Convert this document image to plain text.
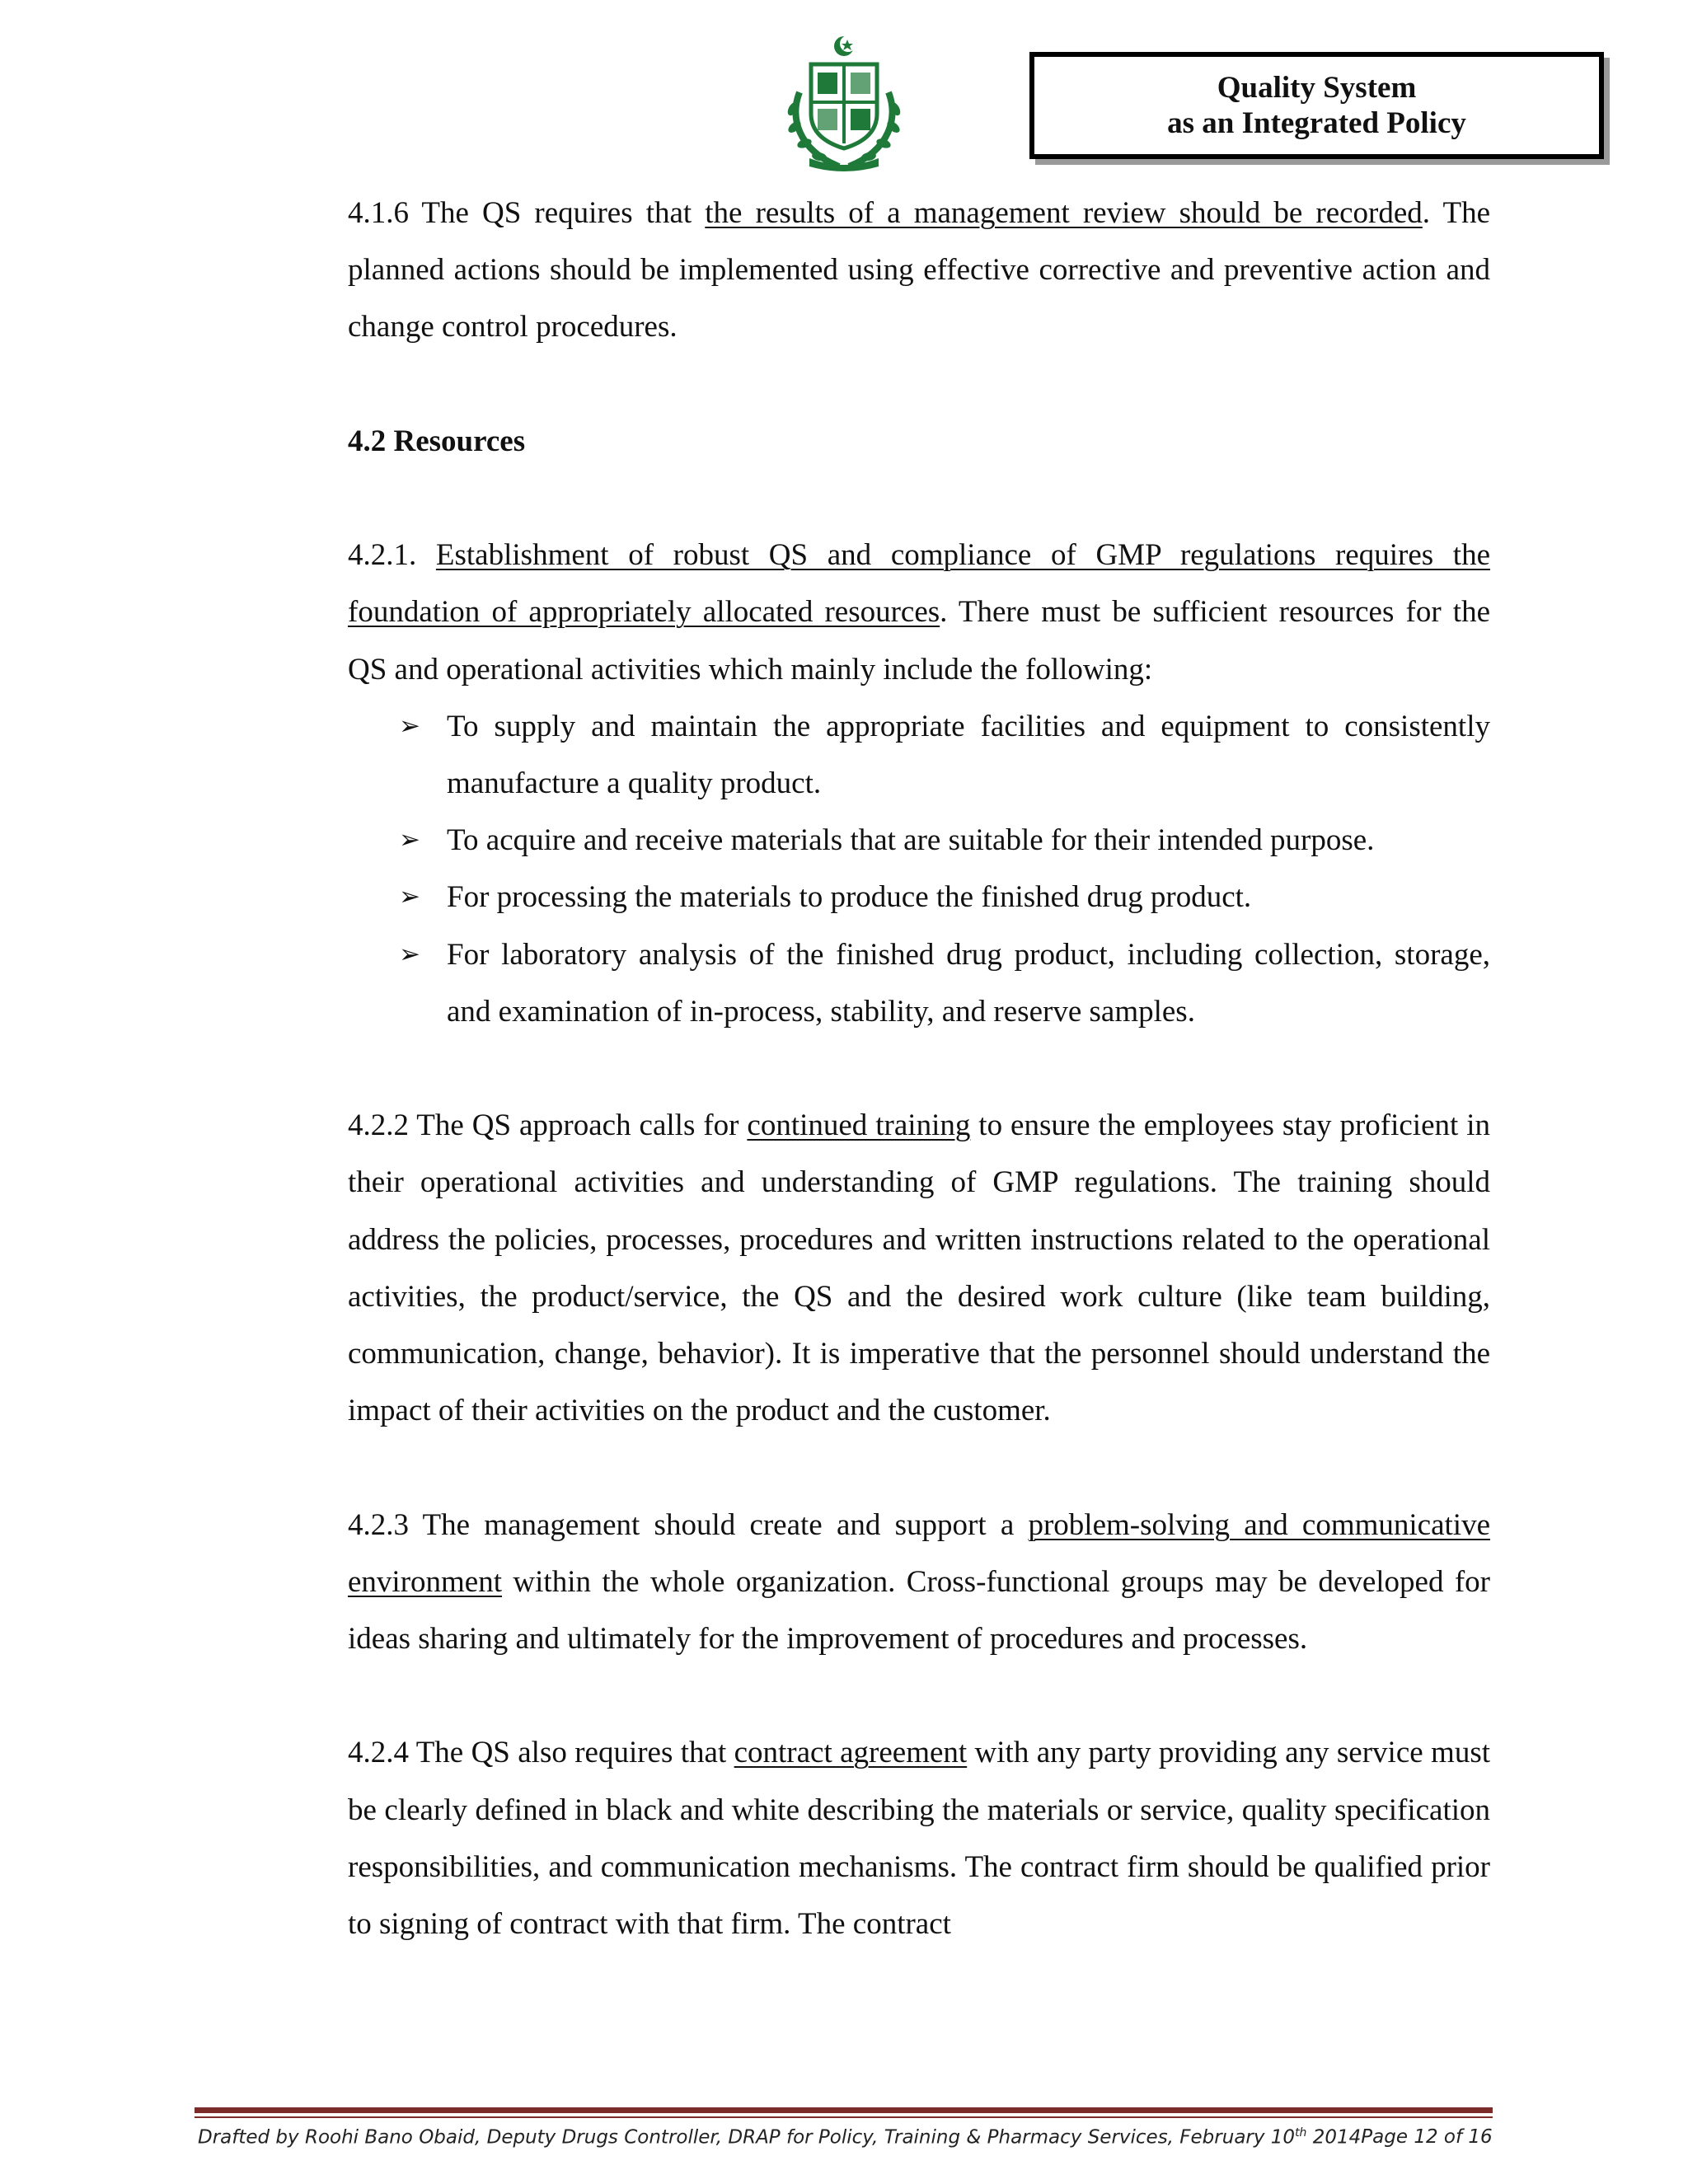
Quality System
as an Integrated Policy

4.1.6 The QS requires that the results of a management review should be recorded. The planned actions should be implemented using effective corrective and preventive action and change control procedures.

4.2 Resources

4.2.1. Establishment of robust QS and compliance of GMP regulations requires the foundation of appropriately allocated resources. There must be sufficient resources for the QS and operational activities which mainly include the following:

➢ To supply and maintain the appropriate facilities and equipment to consistently manufacture a quality product.
➢ To acquire and receive materials that are suitable for their intended purpose.
➢ For processing the materials to produce the finished drug product.
➢ For laboratory analysis of the finished drug product, including collection, storage, and examination of in-process, stability, and reserve samples.

4.2.2 The QS approach calls for continued training to ensure the employees stay proficient in their operational activities and understanding of GMP regulations. The training should address the policies, processes, procedures and written instructions related to the operational activities, the product/service, the QS and the desired work culture (like team building, communication, change, behavior). It is imperative that the personnel should understand the impact of their activities on the product and the customer.

4.2.3 The management should create and support a problem-solving and communicative environment within the whole organization. Cross-functional groups may be developed for ideas sharing and ultimately for the improvement of procedures and processes.

4.2.4 The QS also requires that contract agreement with any party providing any service must be clearly defined in black and white describing the materials or service, quality specification responsibilities, and communication mechanisms. The contract firm should be qualified prior to signing of contract with that firm. The contract

Drafted by Roohi Bano Obaid, Deputy Drugs Controller, DRAP for Policy, Training & Pharmacy Services, February 10th 2014 Page 12 of 16
